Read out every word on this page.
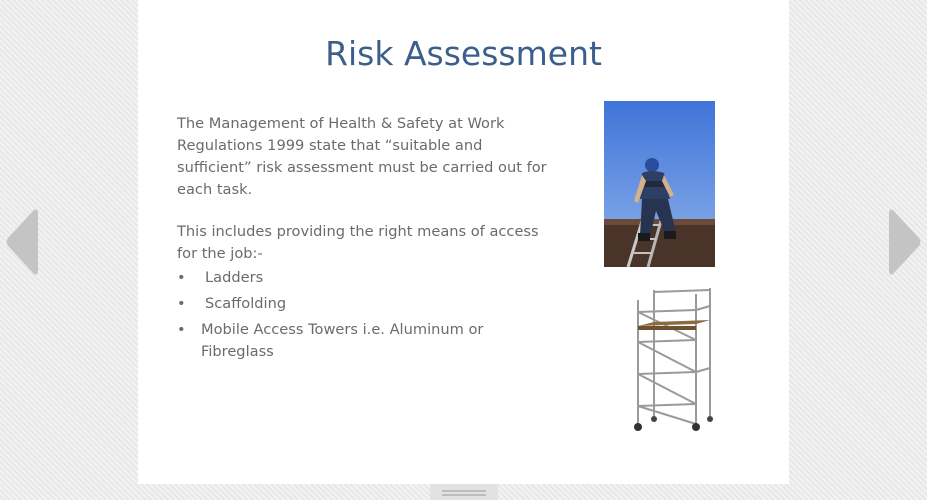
Risk Assessment

The Management of Health & Safety at Work Regulations 1999 state that “suitable and sufficient” risk assessment must be carried out for each task.

This includes providing the right means of access for the job:-

• Ladders
• Scaffolding
• Mobile Access Towers i.e. Aluminum or Fibreglass
